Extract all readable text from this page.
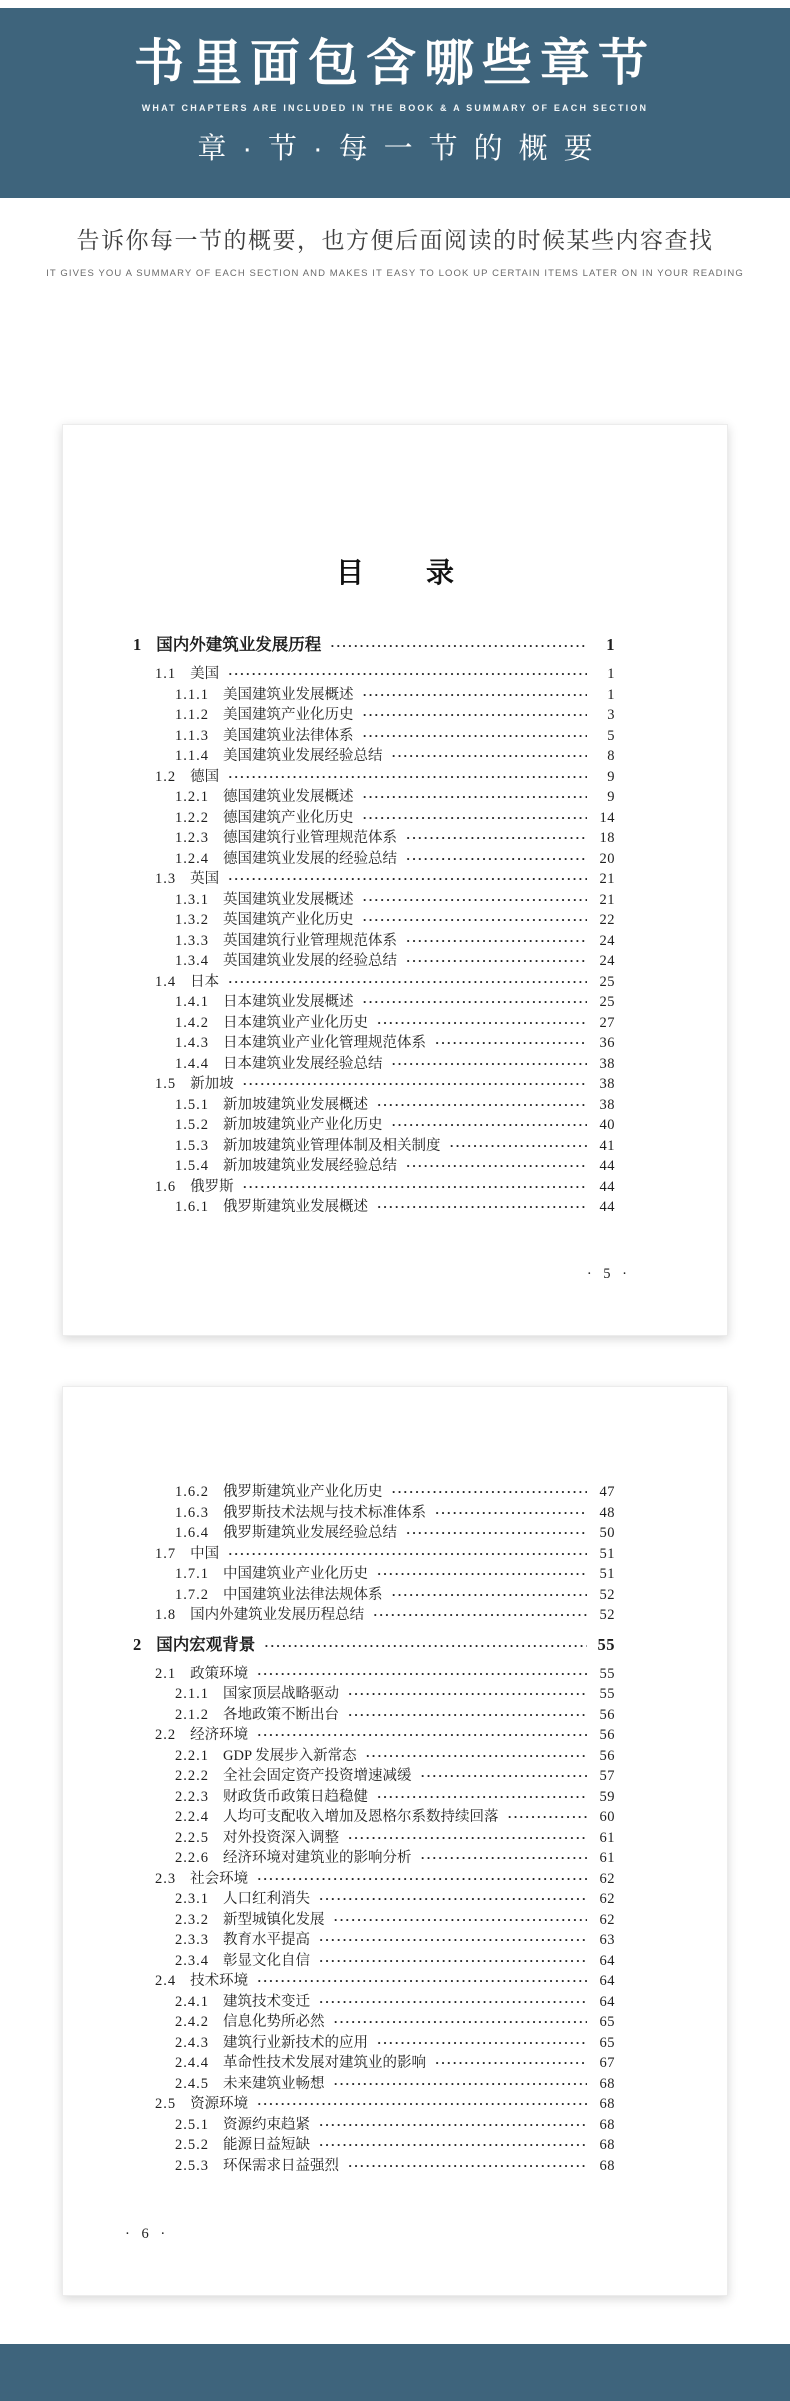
书里面包含哪些章节
WHAT CHAPTERS ARE INCLUDED IN THE BOOK & A SUMMARY OF EACH SECTION
章·节·每一节的概要
告诉你每一节的概要，也方便后面阅读的时候某些内容查找
IT GIVES YOU A SUMMARY OF EACH SECTION AND MAKES IT EASY TO LOOK UP CERTAIN ITEMS LATER ON IN YOUR READING
目录
1 国内外建筑业发展历程 ·····	1
1.1 美国 ·····	1
1.1.1 美国建筑业发展概述 ·····	1
1.1.2 美国建筑产业化历史 ·····	3
1.1.3 美国建筑业法律体系 ·····	5
1.1.4 美国建筑业发展经验总结 ·····	8
1.2 德国 ·····	9
1.2.1 德国建筑业发展概述 ·····	9
1.2.2 德国建筑产业化历史 ·····	14
1.2.3 德国建筑行业管理规范体系 ·····	18
1.2.4 德国建筑业发展的经验总结 ·····	20
1.3 英国 ·····	21
1.3.1 英国建筑业发展概述 ·····	21
1.3.2 英国建筑产业化历史 ·····	22
1.3.3 英国建筑行业管理规范体系 ·····	24
1.3.4 英国建筑业发展的经验总结 ·····	24
1.4 日本 ·····	25
1.4.1 日本建筑业发展概述 ·····	25
1.4.2 日本建筑业产业化历史 ·····	27
1.4.3 日本建筑业产业化管理规范体系 ·····	36
1.4.4 日本建筑业发展经验总结 ·····	38
1.5 新加坡 ·····	38
1.5.1 新加坡建筑业发展概述 ·····	38
1.5.2 新加坡建筑业产业化历史 ·····	40
1.5.3 新加坡建筑业管理体制及相关制度 ·····	41
1.5.4 新加坡建筑业发展经验总结 ·····	44
1.6 俄罗斯 ·····	44
1.6.1 俄罗斯建筑业发展概述 ·····	44
· 5 ·
1.6.2 俄罗斯建筑业产业化历史 ·····	47
1.6.3 俄罗斯技术法规与技术标准体系 ·····	48
1.6.4 俄罗斯建筑业发展经验总结 ·····	50
1.7 中国 ·····	51
1.7.1 中国建筑业产业化历史 ·····	51
1.7.2 中国建筑业法律法规体系 ·····	52
1.8 国内外建筑业发展历程总结 ·····	52
2 国内宏观背景 ·····	55
2.1 政策环境 ·····	55
2.1.1 国家顶层战略驱动 ·····	55
2.1.2 各地政策不断出台 ·····	56
2.2 经济环境 ·····	56
2.2.1 GDP 发展步入新常态 ·····	56
2.2.2 全社会固定资产投资增速减缓 ·····	57
2.2.3 财政货币政策日趋稳健 ·····	59
2.2.4 人均可支配收入增加及恩格尔系数持续回落 ·····	60
2.2.5 对外投资深入调整 ·····	61
2.2.6 经济环境对建筑业的影响分析 ·····	61
2.3 社会环境 ·····	62
2.3.1 人口红利消失 ·····	62
2.3.2 新型城镇化发展 ·····	62
2.3.3 教育水平提高 ·····	63
2.3.4 彰显文化自信 ·····	64
2.4 技术环境 ·····	64
2.4.1 建筑技术变迁 ·····	64
2.4.2 信息化势所必然 ·····	65
2.4.3 建筑行业新技术的应用 ·····	65
2.4.4 革命性技术发展对建筑业的影响 ·····	67
2.4.5 未来建筑业畅想 ·····	68
2.5 资源环境 ·····	68
2.5.1 资源约束趋紧 ·····	68
2.5.2 能源日益短缺 ·····	68
2.5.3 环保需求日益强烈 ·····	68
· 6 ·
